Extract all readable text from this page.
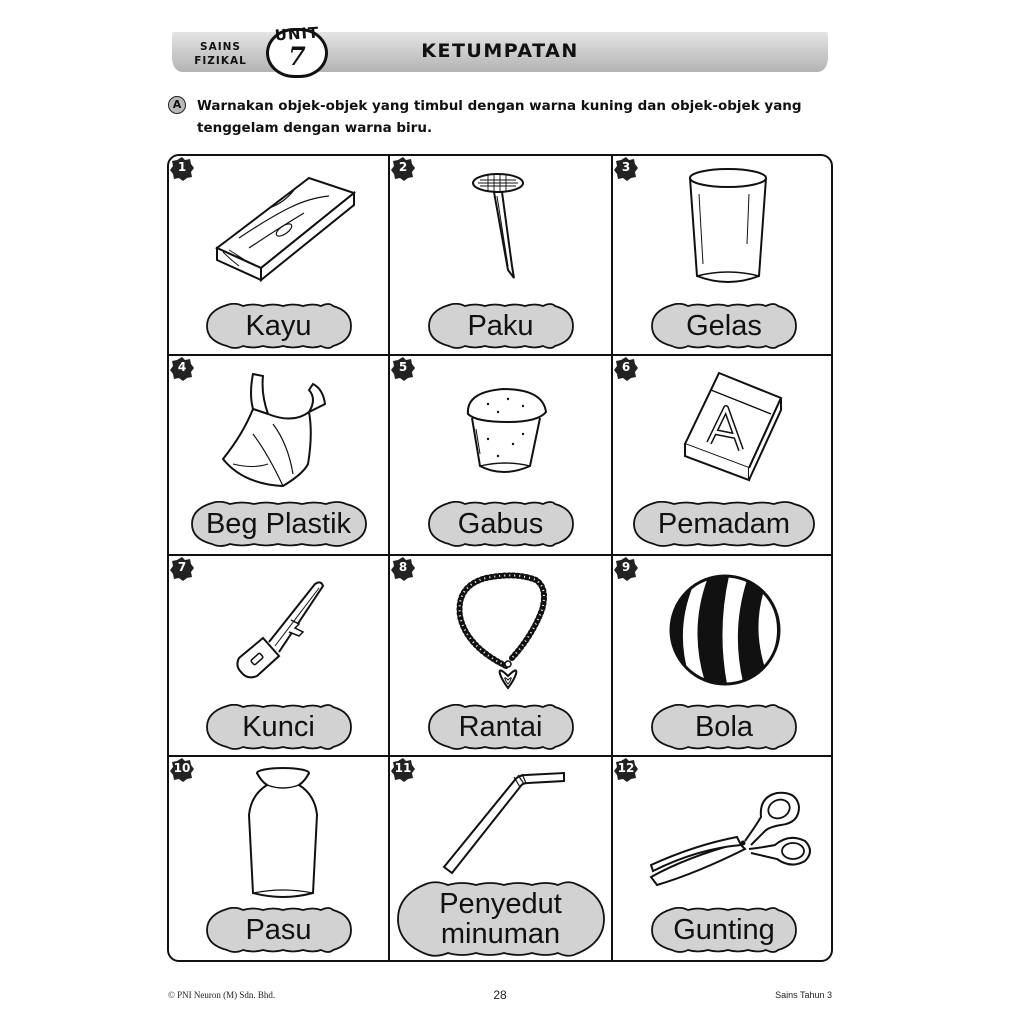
SAINS
FIZIKAL
UNIT
7	KETUMPATAN
A	Warnakan objek-objek yang timbul dengan warna kuning dan objek-objek yang
tenggelam dengan warna biru.
1
Kayu
2
Paku
3
Gelas
4
Beg Plastik
5
Gabus
6
Pemadam
7
Kunci
8
Rantai
9
Bola
10
Pasu
11
Penyedut
minuman
12
Gunting
© PNI Neuron (M) Sdn. Bhd.	28	Sains Tahun 3
